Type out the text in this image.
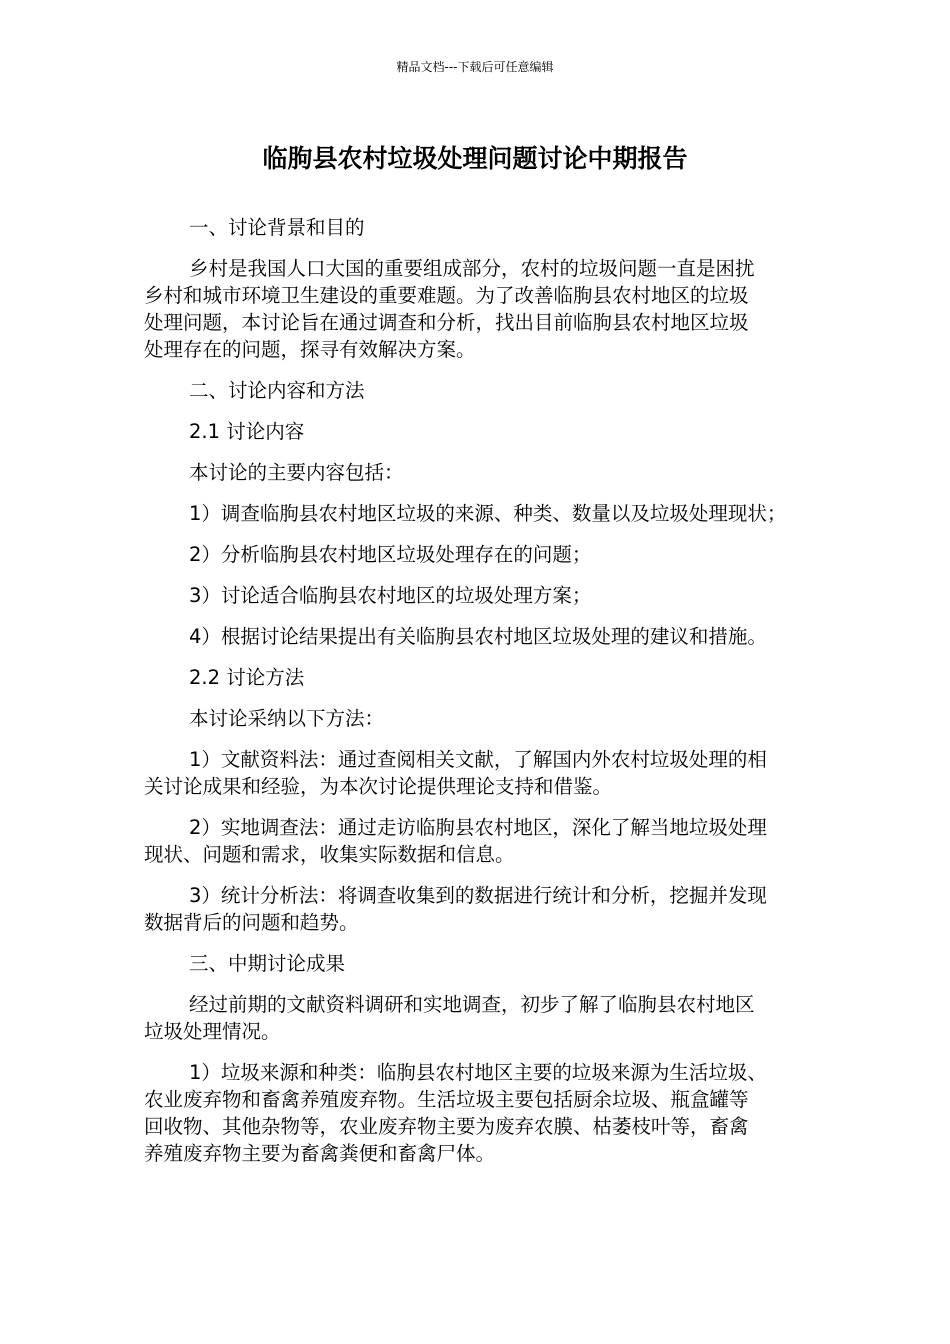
精品文档---下载后可任意编辑
临朐县农村垃圾处理问题讨论中期报告

一、讨论背景和目的

乡村是我国人口大国的重要组成部分，农村的垃圾问题一直是困扰
乡村和城市环境卫生建设的重要难题。为了改善临朐县农村地区的垃圾
处理问题，本讨论旨在通过调查和分析，找出目前临朐县农村地区垃圾
处理存在的问题，探寻有效解决方案。

二、讨论内容和方法

2.1 讨论内容

本讨论的主要内容包括：

1）调查临朐县农村地区垃圾的来源、种类、数量以及垃圾处理现状；

2）分析临朐县农村地区垃圾处理存在的问题；

3）讨论适合临朐县农村地区的垃圾处理方案；

4）根据讨论结果提出有关临朐县农村地区垃圾处理的建议和措施。

2.2 讨论方法

本讨论采纳以下方法：

1）文献资料法：通过查阅相关文献，了解国内外农村垃圾处理的相
关讨论成果和经验，为本次讨论提供理论支持和借鉴。
2）实地调查法：通过走访临朐县农村地区，深化了解当地垃圾处理
现状、问题和需求，收集实际数据和信息。
3）统计分析法：将调查收集到的数据进行统计和分析，挖掘并发现
数据背后的问题和趋势。

三、中期讨论成果

经过前期的文献资料调研和实地调查，初步了解了临朐县农村地区
垃圾处理情况。
1）垃圾来源和种类：临朐县农村地区主要的垃圾来源为生活垃圾、
农业废弃物和畜禽养殖废弃物。生活垃圾主要包括厨余垃圾、瓶盒罐等
回收物、其他杂物等，农业废弃物主要为废弃农膜、枯萎枝叶等，畜禽
养殖废弃物主要为畜禽粪便和畜禽尸体。
